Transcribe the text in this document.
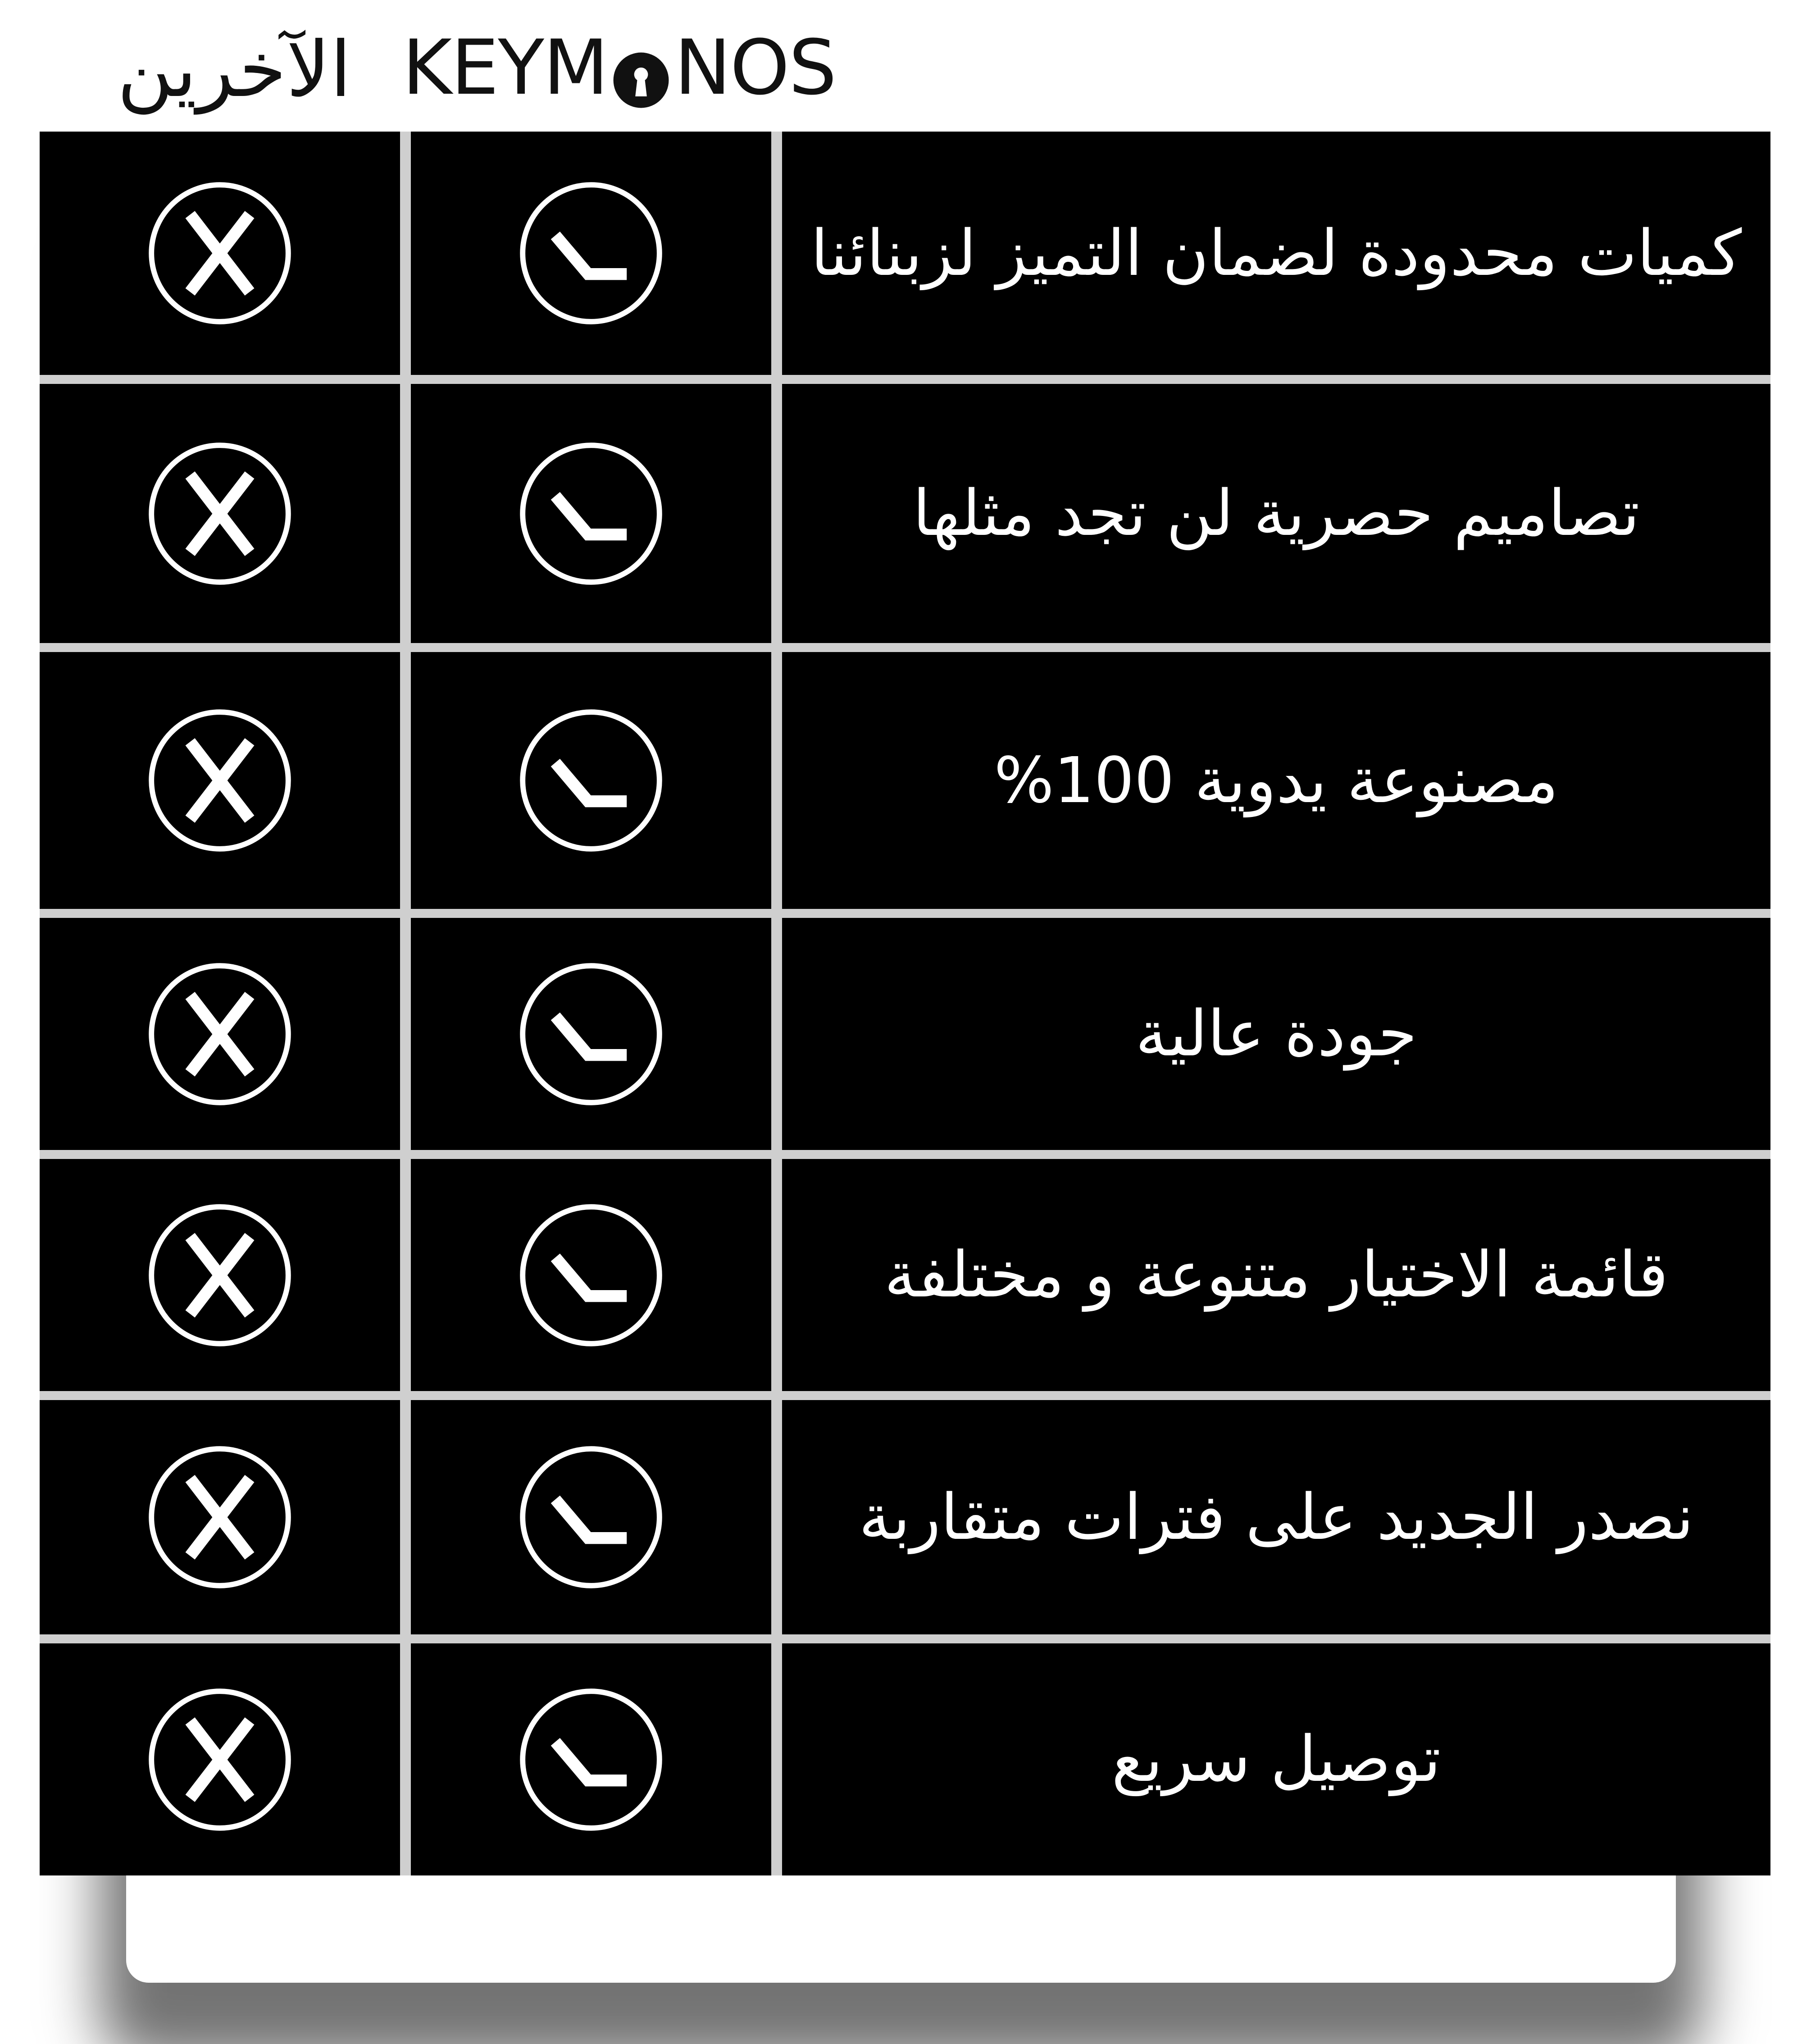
KEYM NOS
الآخرين
كميات محدودة لضمان التميز لزبنائنا
تصاميم حصرية لن تجد مثلها
مصنوعة يدوية 100%
جودة عالية
قائمة الاختيار متنوعة و مختلفة
نصدر الجديد على فترات متقاربة
توصيل سريع
